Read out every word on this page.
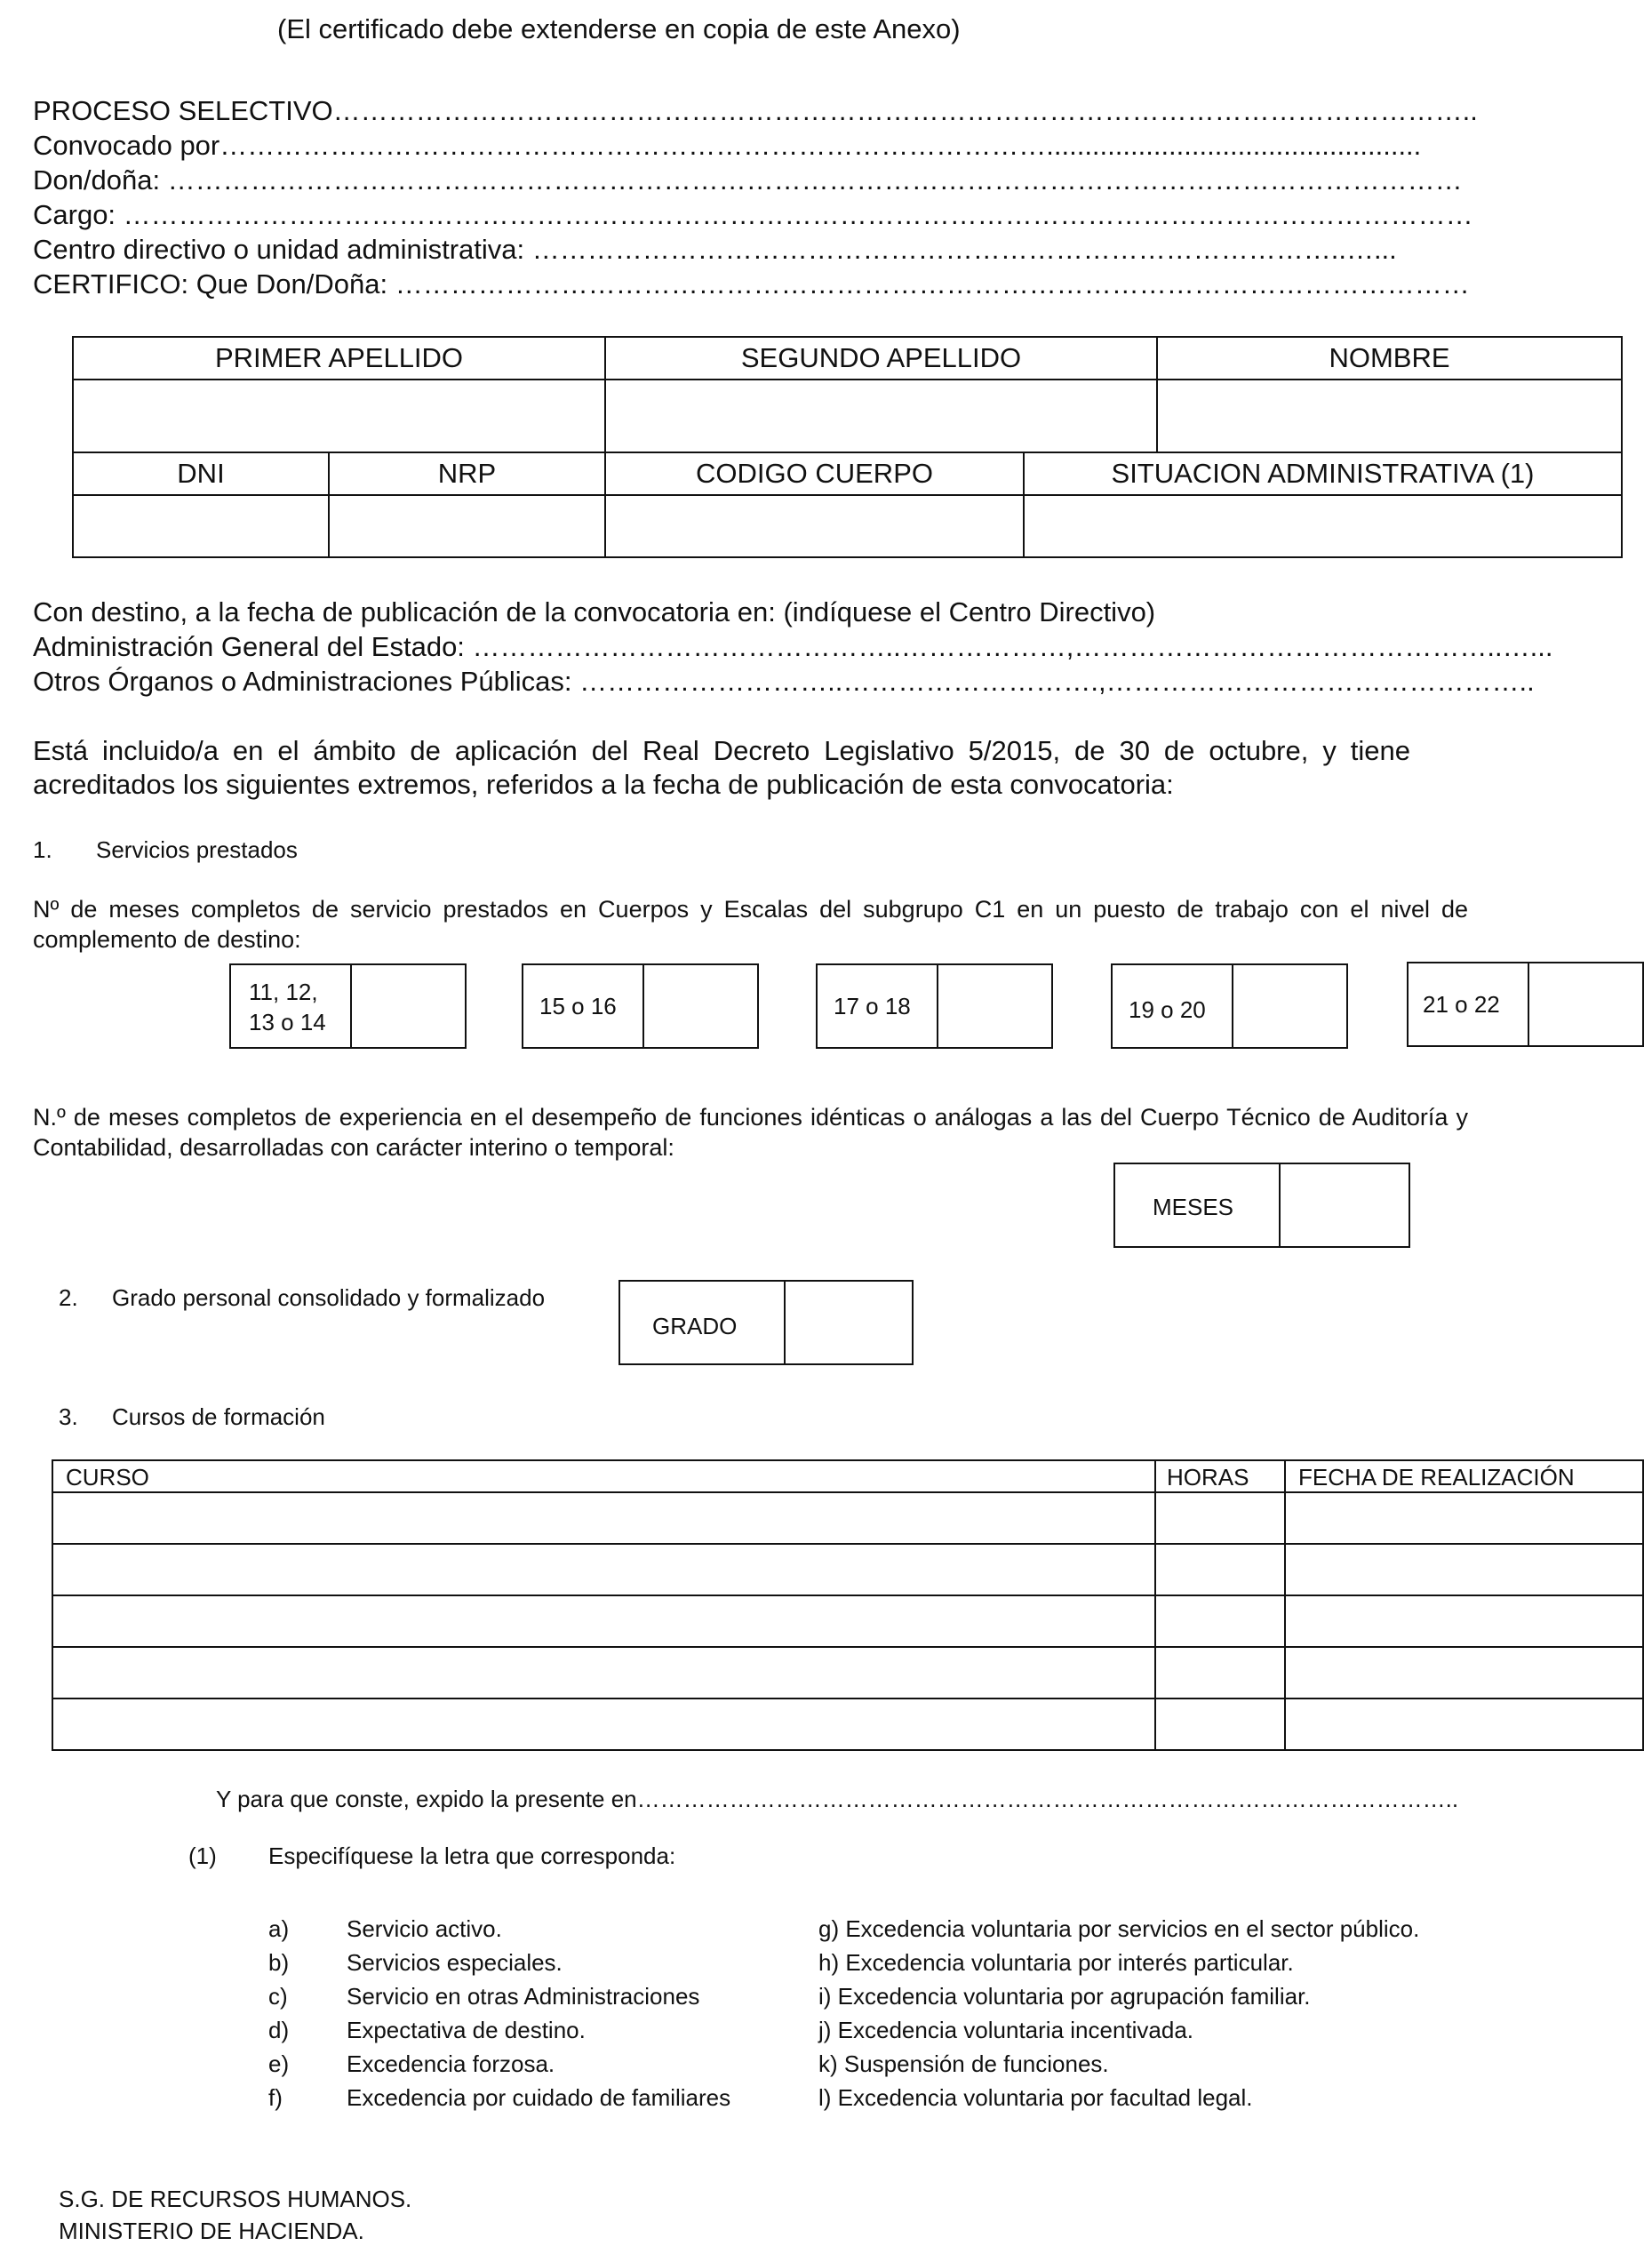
(El certificado debe extenderse en copia de este Anexo)
PROCESO SELECTIVO……………………………………………………………………………………………………………..
Convocado por……………………………………………………………………………….................................................
Don/doña: ……………………………………………………………………………………………………………………………
Cargo: …………………………………………………………………………………………………………………………………
Centro directivo o unidad administrativa: ……………………………………………………………………………..…...
CERTIFICO: Que Don/Doña: ………………………………………………………………………………………………………
PRIMER APELLIDO	SEGUNDO APELLIDO	NOMBRE
DNI	NRP	CODIGO CUERPO	SITUACION ADMINISTRATIVA (1)
Con destino, a la fecha de publicación de la convocatoria en: (indíquese el Centro Directivo)
Administración General del Estado: ………………………………………..………………,………………………………………..…...
Otros Órganos o Administraciones Públicas: ………………………..……………………….,………………………………………..
Está incluido/a en el ámbito de aplicación del Real Decreto Legislativo 5/2015, de 30 de octubre, y tiene acreditados los siguientes extremos, referidos a la fecha de publicación de esta convocatoria:
1. Servicios prestados
Nº de meses completos de servicio prestados en Cuerpos y Escalas del subgrupo C1 en un puesto de trabajo con el nivel de complemento de destino:
11, 12,
13 o 14
15 o 16	17 o 18	19 o 20	21 o 22
N.º de meses completos de experiencia en el desempeño de funciones idénticas o análogas a las del Cuerpo Técnico de Auditoría y Contabilidad, desarrolladas con carácter interino o temporal:
MESES
2. Grado personal consolidado y formalizado
GRADO
3. Cursos de formación
CURSO	HORAS FECHA DE REALIZACIÓN
Y para que conste, expido la presente en……………………………………………………………………………………………..
(1) Especifíquese la letra que corresponda:
a) Servicio activo.
b) Servicios especiales.
c)	Servicio en otras Administraciones
d) Expectativa de destino.
e) Excedencia forzosa.
f)	Excedencia por cuidado de familiares
g) Excedencia voluntaria por servicios en el sector público.
h) Excedencia voluntaria por interés particular.
i) Excedencia voluntaria por agrupación familiar.
j) Excedencia voluntaria incentivada.
k) Suspensión de funciones.
l) Excedencia voluntaria por facultad legal.
S.G. DE RECURSOS HUMANOS.
MINISTERIO DE HACIENDA.
